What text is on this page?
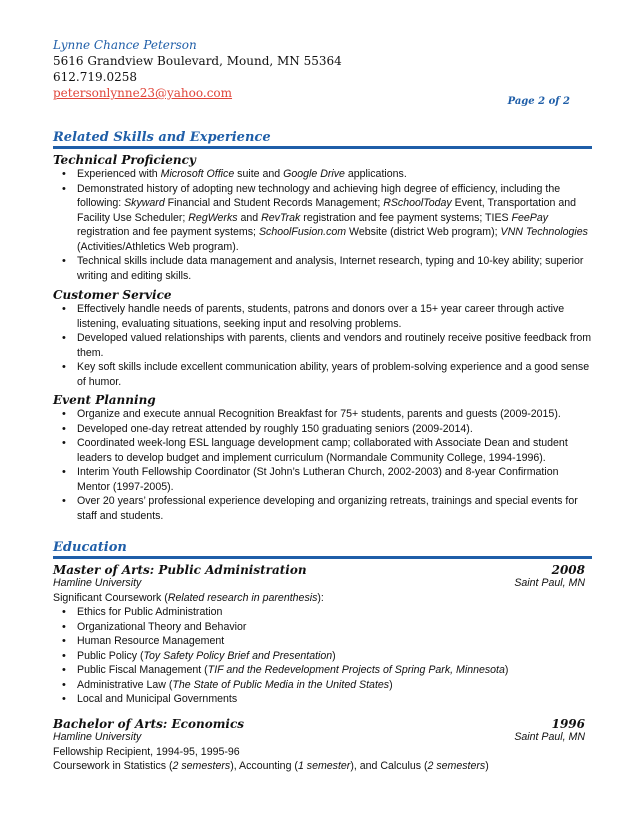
Lynne Chance Peterson
5616 Grandview Boulevard, Mound, MN 55364
612.719.0258
petersonlynne23@yahoo.com
Page 2 of 2
Related Skills and Experience
Technical Proficiency
• Experienced with Microsoft Office suite and Google Drive applications.
• Demonstrated history of adopting new technology and achieving high degree of efficiency, including the following: Skyward Financial and Student Records Management; RSchoolToday Event, Transportation and Facility Use Scheduler; RegWerks and RevTrak registration and fee payment systems; TIES FeePay registration and fee payment systems; SchoolFusion.com Website (district Web program); VNN Technologies (Activities/Athletics Web program).
• Technical skills include data management and analysis, Internet research, typing and 10-key ability; superior writing and editing skills.
Customer Service
• Effectively handle needs of parents, students, patrons and donors over a 15+ year career through active listening, evaluating situations, seeking input and resolving problems.
• Developed valued relationships with parents, clients and vendors and routinely receive positive feedback from them.
• Key soft skills include excellent communication ability, years of problem-solving experience and a good sense of humor.
Event Planning
• Organize and execute annual Recognition Breakfast for 75+ students, parents and guests (2009-2015).
• Developed one-day retreat attended by roughly 150 graduating seniors (2009-2014).
• Coordinated week-long ESL language development camp; collaborated with Associate Dean and student leaders to develop budget and implement curriculum (Normandale Community College, 1994-1996).
• Interim Youth Fellowship Coordinator (St John’s Lutheran Church, 2002-2003) and 8-year Confirmation Mentor (1997-2005).
• Over 20 years’ professional experience developing and organizing retreats, trainings and special events for staff and students.
Education
Master of Arts: Public Administration	2008
Hamline University	Saint Paul, MN
Significant Coursework (Related research in parenthesis):
• Ethics for Public Administration
• Organizational Theory and Behavior
• Human Resource Management
• Public Policy (Toy Safety Policy Brief and Presentation)
• Public Fiscal Management (TIF and the Redevelopment Projects of Spring Park, Minnesota)
• Administrative Law (The State of Public Media in the United States)
• Local and Municipal Governments
Bachelor of Arts: Economics	1996
Hamline University	Saint Paul, MN
Fellowship Recipient, 1994-95, 1995-96
Coursework in Statistics (2 semesters), Accounting (1 semester), and Calculus (2 semesters)
